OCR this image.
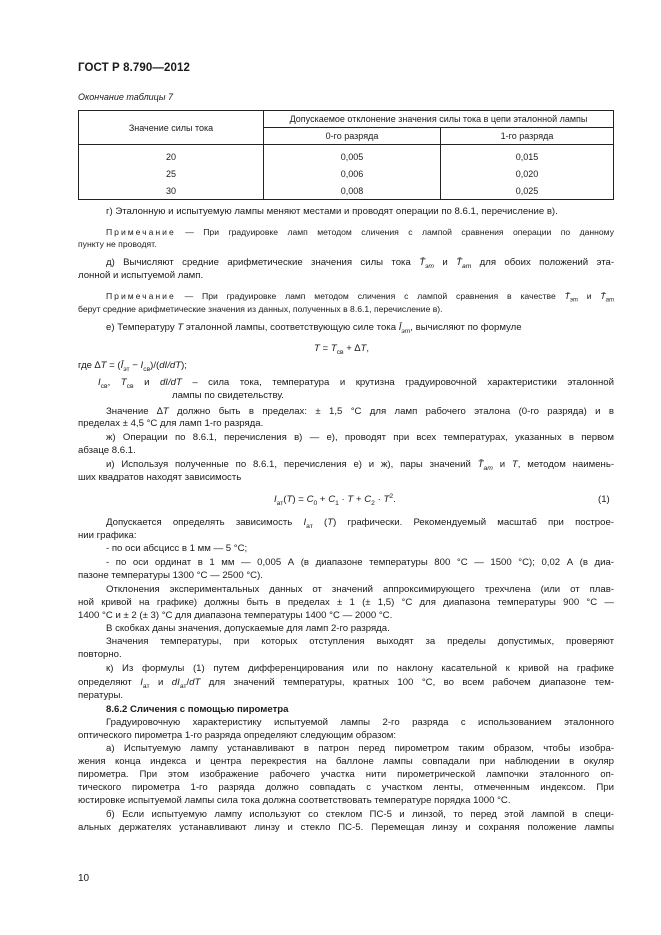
ГОСТ Р 8.790—2012
Окончание таблицы 7
Значение силы тока	Допускаемое отклонение значения силы тока в цепи эталонной лампы	
	0-го разряда	1-го разряда
20	0,005	0,015
25	0,006	0,020
30	0,008	0,025
г) Эталонную и испытуемую лампы меняют местами и проводят операции по 8.6.1, перечисление в).
Примечание — При градуировке ламп методом сличения с лампой сравнения операции по данному
пункту не проводят.
д) Вычисляют средние арифметические значения силы тока $T̄_{эт}$ и $T̄_{ат}$ для обоих положений эта-
лонной и испытуемой ламп.
Примечание — При градуировке ламп методом сличения с лампой сравнения в качестве $T̄_{эт}$ и $T̄_{ат}$
берут средние арифметические значения из данных, полученных в 8.6.1, перечисление в).
е) Температуру T эталонной лампы, соответствующую силе тока $Ī_{эт}$, вычисляют по формуле
$T = T_{св} + \Delta T$,
где $\Delta T = (Ī_{эт} - I_{св})/(dI/dT)$;
$I_{св}$, $T_{св}$ и dI/dT – сила тока, температура и крутизна градуировочной характеристики эталонной
лампы по свидетельству.
Значение ∆T должно быть в пределах: ± 1,5 °С для ламп рабочего эталона (0-го разряда) и в
пределах ± 4,5 °С для ламп 1-го разряда.
ж) Операции по 8.6.1, перечисления в) — е), проводят при всех температурах, указанных в первом
абзаце 8.6.1.
и) Используя полученные по 8.6.1, перечисления е) и ж), пары значений $T̄_{ат}$ и T, методом наимень-
ших квадратов находят зависимость
$I_{ат}(T) = C_0 + C_1 \cdot T + C_2 \cdot T^2$.	(1)
Допускается определять зависимость $I_{ат}$ (T) графически. Рекомендуемый масштаб при построе-
нии графика:
- по оси абсцисс в 1 мм — 5 °С;
- по оси ординат в 1 мм — 0,005 А (в диапазоне температуры 800 °С — 1500 °С); 0,02 А (в диа-
пазоне температуры 1300 °С — 2500 °С).
Отклонения экспериментальных данных от значений аппроксимирующего трехчлена (или от плав-
ной кривой на графике) должны быть в пределах ± 1 (± 1,5) °С для диапазона температуры 900 °С —
1400 °С и ± 2 (± 3) °С для диапазона температуры 1400 °С — 2000 °С.
В скобках даны значения, допускаемые для ламп 2-го разряда.
Значения температуры, при которых отступления выходят за пределы допустимых, проверяют
повторно.
к) Из формулы (1) путем дифференцирования или по наклону касательной к кривой на графике
определяют $I_{ат}$ и $dI_{ат}/dT$ для значений температуры, кратных 100 °С, во всем рабочем диапазоне тем-
пературы.
8.6.2 Сличения с помощью пирометра
Градуировочную характеристику испытуемой лампы 2-го разряда с использованием эталонного
оптического пирометра 1-го разряда определяют следующим образом:
а) Испытуемую лампу устанавливают в патрон перед пирометром таким образом, чтобы изобра-
жения конца индекса и центра перекрестия на баллоне лампы совпадали при наблюдении в окуляр
пирометра. При этом изображение рабочего участка нити пирометрической лампочки эталонного оп-
тического пирометра 1-го разряда должно совпадать с участком ленты, отмеченным индексом. При
юстировке испытуемой лампы сила тока должна соответствовать температуре порядка 1000 °С.
б) Если испытуемую лампу используют со стеклом ПС-5 и линзой, то перед этой лампой в специ-
альных держателях устанавливают линзу и стекло ПС-5. Перемещая линзу и сохраняя положение лампы
10
